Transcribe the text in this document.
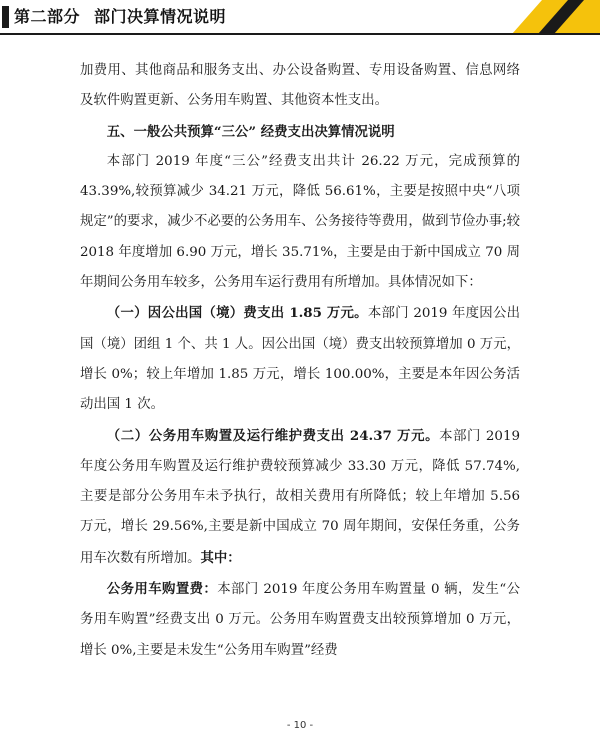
第二部分 部门决算情况说明

加费用、其他商品和服务支出、办公设备购置、专用设备购置、信息网络及软件购置更新、公务用车购置、其他资本性支出。

五、一般公共预算“三公” 经费支出决算情况说明

本部门 2019 年度“三公”经费支出共计 26.22 万元，完成预算的 43.39%,较预算减少 34.21 万元，降低 56.61%，主要是按照中央“八项规定”的要求，减少不必要的公务用车、公务接待等费用，做到节俭办事;较 2018 年度增加 6.90 万元，增长 35.71%，主要是由于新中国成立 70 周年期间公务用车较多，公务用车运行费用有所增加。具体情况如下：

（一）因公出国（境）费支出 1.85 万元。本部门 2019 年度因公出国（境）团组 1 个、共 1 人。因公出国（境）费支出较预算增加 0 万元，增长 0%；较上年增加 1.85 万元，增长 100.00%，主要是本年因公务活动出国 1 次。

（二）公务用车购置及运行维护费支出 24.37 万元。本部门 2019 年度公务用车购置及运行维护费较预算减少 33.30 万元，降低 57.74%,主要是部分公务用车未予执行，故相关费用有所降低；较上年增加 5.56 万元，增长 29.56%,主要是新中国成立 70 周年期间，安保任务重，公务用车次数有所增加。其中：

公务用车购置费：本部门 2019 年度公务用车购置量 0 辆，发生“公务用车购置”经费支出 0 万元。公务用车购置费支出较预算增加 0 万元，增长 0%,主要是未发生“公务用车购置”经费

- 10 -
